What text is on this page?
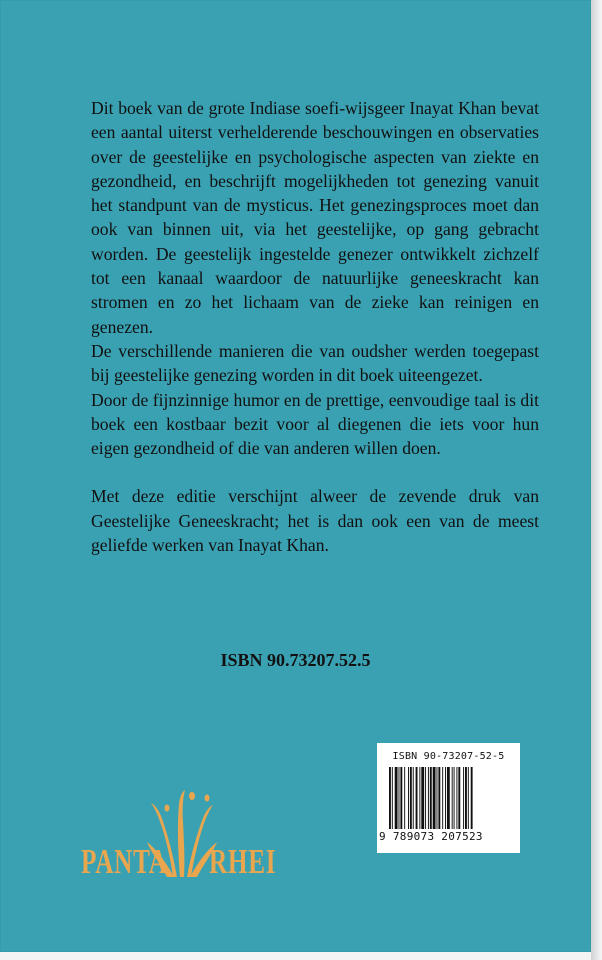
Dit boek van de grote Indiase soefi-wijsgeer Inayat Khan bevat een aantal uiterst verhelderende beschouwingen en observaties over de geestelijke en psychologische aspecten van ziekte en gezondheid, en beschrijft mogelijkheden tot genezing vanuit het standpunt van de mysticus. Het genezingsproces moet dan ook van binnen uit, via het geestelijke, op gang gebracht worden. De geestelijk ingestelde genezer ontwikkelt zichzelf tot een kanaal waardoor de natuurlijke geneeskracht kan stromen en zo het lichaam van de zieke kan reinigen en genezen.

De verschillende manieren die van oudsher werden toegepast bij geestelijke genezing worden in dit boek uiteengezet.

Door de fijnzinnige humor en de prettige, eenvoudige taal is dit boek een kostbaar bezit voor al diegenen die iets voor hun eigen gezondheid of die van anderen willen doen.

Met deze editie verschijnt alweer de zevende druk van Geestelijke Geneeskracht; het is dan ook een van de meest geliefde werken van Inayat Khan.

ISBN 90.73207.52.5
ISBN 90-73207-52-5
9 789073 207523
PANTA RHEI
